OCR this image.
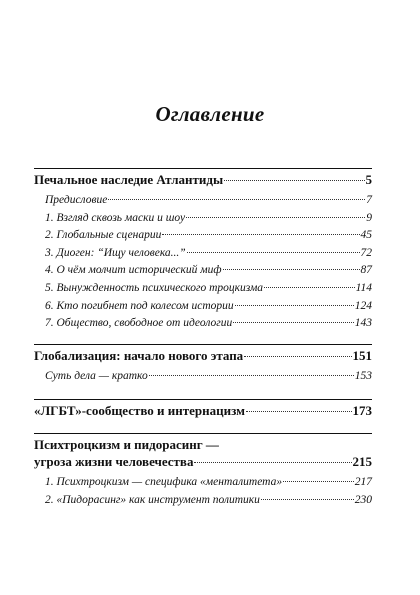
Оглавление
Печальное наследие Атлантиды	5
Предисловие	7
1. Взгляд сквозь маски и шоу	9
2. Глобальные сценарии	45
3. Диоген: “Ищу человека...”	72
4. О чём молчит исторический миф	87
5. Вынужденность психического троцкизма	114
6. Кто погибнет под колесом истории	124
7. Общество, свободное от идеологии	143
Глобализация: начало нового этапа	151
Суть дела — кратко	153
«ЛГБТ»-сообщество и интернацизм	173
Психтроцкизм и пидорасинг —
угроза жизни человечества	215
1. Психтроцкизм — специфика «менталитета»	217
2. «Пидорасинг» как инструмент политики	230
